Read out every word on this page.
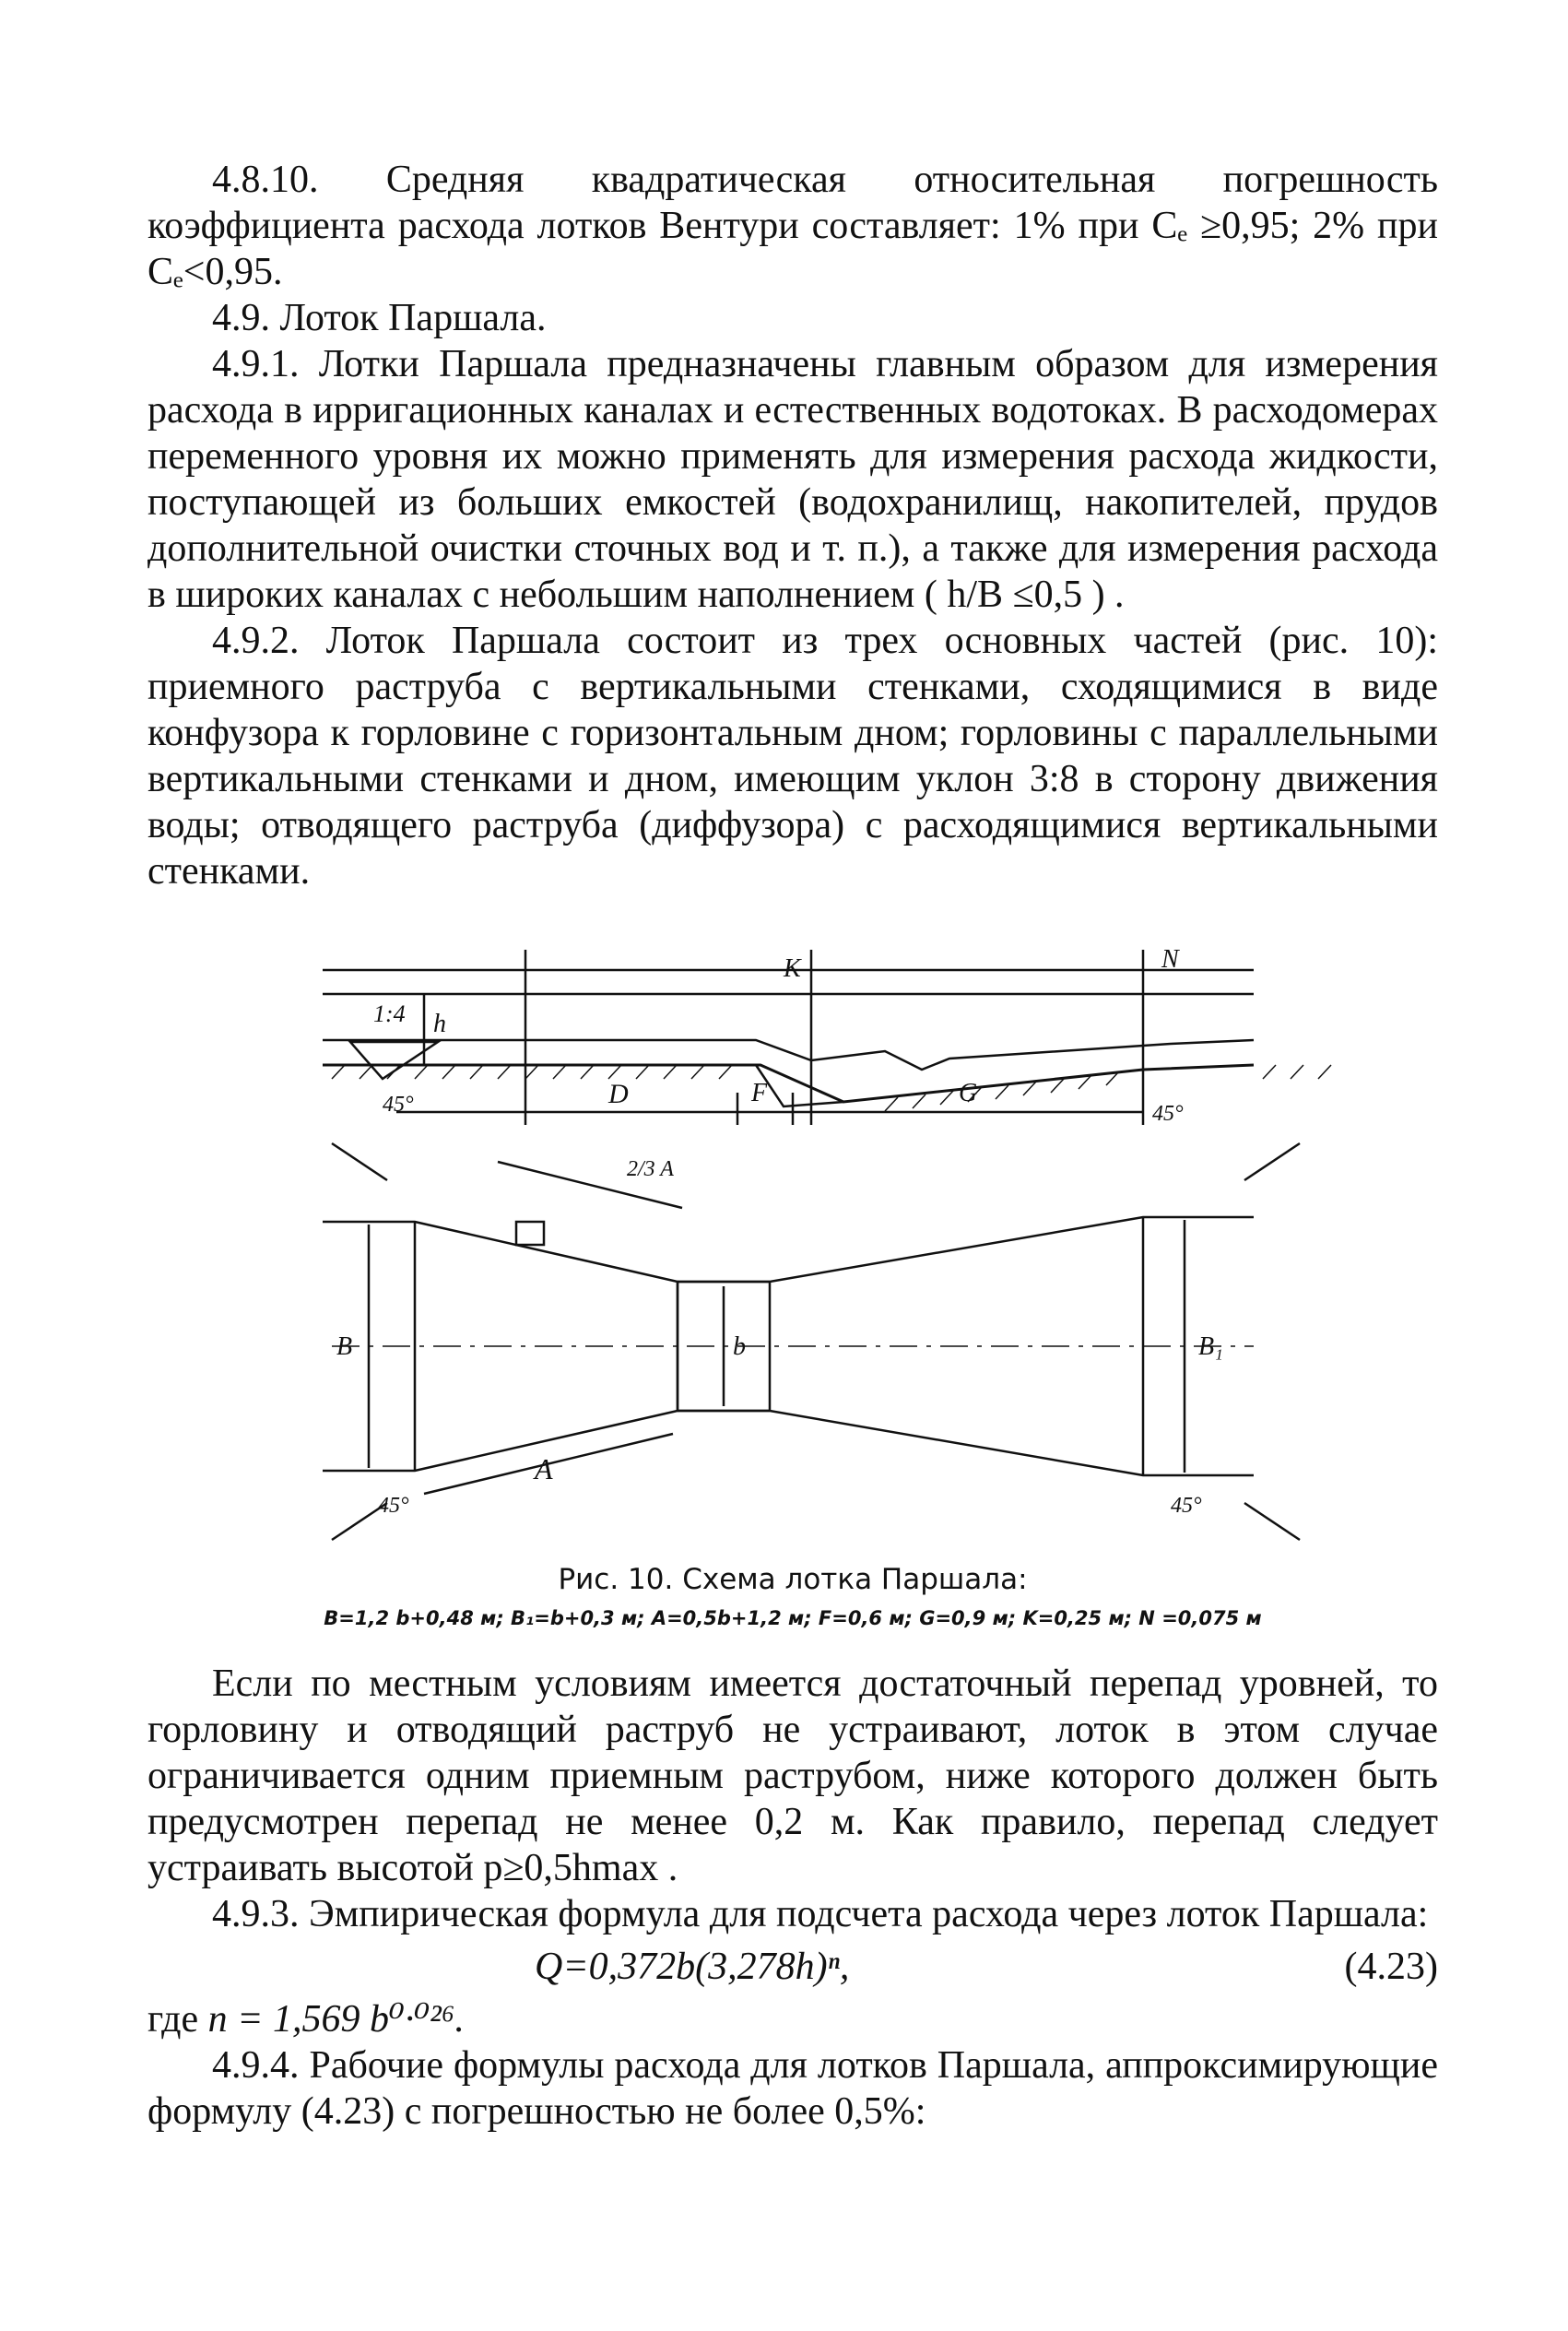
4.8.10. Средняя квадратическая относительная погрешность коэффициента расхода лотков Вентури составляет: 1% при Cₑ ≥0,95; 2% при Cₑ<0,95.

4.9. Лоток Паршала.

4.9.1. Лотки Паршала предназначены главным образом для измерения расхода в ирригационных каналах и естественных водотоках. В расходомерах переменного уровня их можно применять для измерения расхода жидкости, поступающей из больших емкостей (водохранилищ, накопителей, прудов дополнительной очистки сточных вод и т. п.), а также для измерения расхода в широких каналах с небольшим наполнением ( h/B ≤0,5 ) .

4.9.2. Лоток Паршала состоит из трех основных частей (рис. 10): приемного раструба с вертикальными стенками, сходящимися в виде конфузора к горловине с горизонтальным дном; горловины с параллельными вертикальными стенками и дном, имеющим уклон 3:8 в сторону движения воды; отводящего раструба (диффузора) с расходящимися вертикальными стенками.

1:4 h
K	N
D	F	G
45°	45°
2/3 A
B	b	B₁
A
45°	45°

Рис. 10. Схема лотка Паршала:

B=1,2 b+0,48 м; B₁=b+0,3 м; A=0,5b+1,2 м; F=0,6 м; G=0,9 м; K=0,25 м; N =0,075 м

Если по местным условиям имеется достаточный перепад уровней, то горловину и отводящий раструб не устраивают, лоток в этом случае ограничивается одним приемным раструбом, ниже которого должен быть предусмотрен перепад не менее 0,2 м. Как правило, перепад следует устраивать высотой p≥0,5hmax .

4.9.3. Эмпирическая формула для подсчета расхода через лоток Паршала:

Q=0,372b(3,278h)ⁿ,	(4.23)

где n = 1,569 b⁰·⁰²⁶.

4.9.4. Рабочие формулы расхода для лотков Паршала, аппроксимирующие формулу (4.23) с погрешностью не более 0,5%:
